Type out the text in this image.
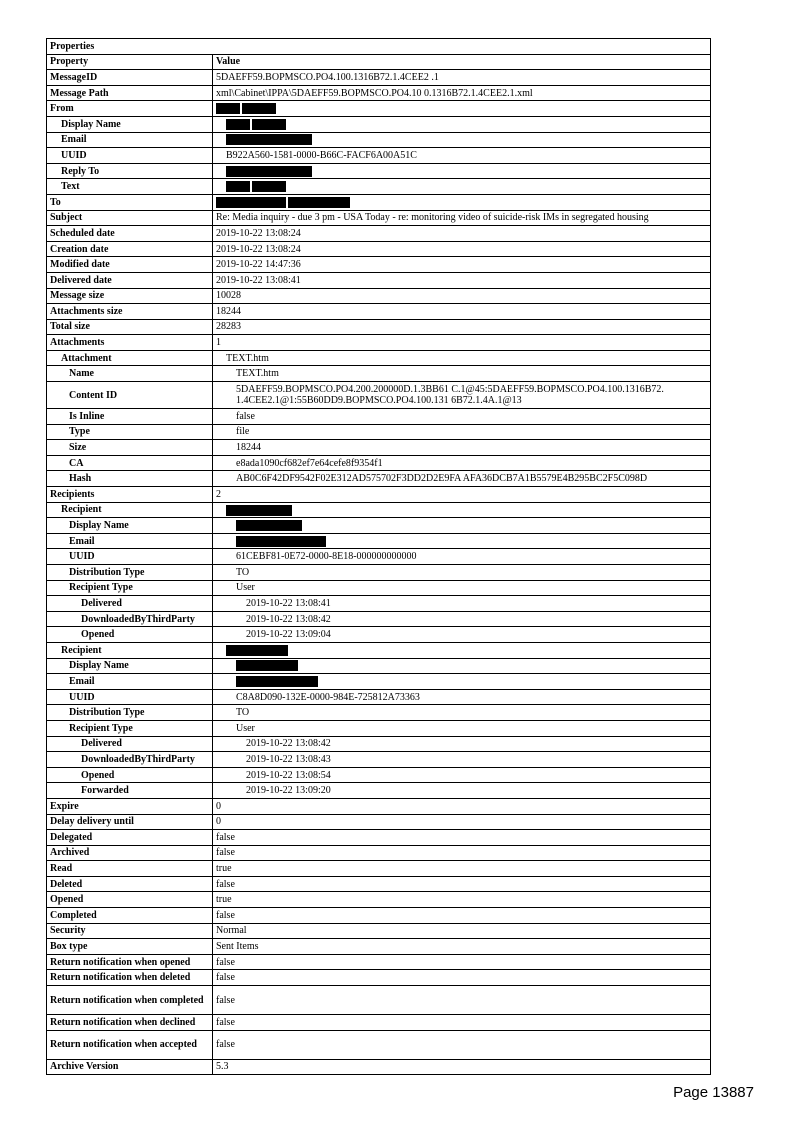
Properties	
Property	Value
MessageID	5DAEFF59.BOPMSCO.PO4.100.1316B72.1.4CEE2 .1
Message Path	xml\Cabinet\IPPA\5DAEFF59.BOPMSCO.PO4.10 0.1316B72.1.4CEE2.1.xml
From	
Display Name	
Email	
UUID	B922A560-1581-0000-B66C-FACF6A00A51C
Reply To	
Text	
To	
Subject	Re: Media inquiry - due 3 pm - USA Today - re: monitoring video of suicide-risk IMs in segregated housing
Scheduled date	2019-10-22 13:08:24
Creation date	2019-10-22 13:08:24
Modified date	2019-10-22 14:47:36
Delivered date	2019-10-22 13:08:41
Message size	10028
Attachments size	18244
Total size	28283
Attachments	1
Attachment	TEXT.htm
Name	TEXT.htm
Content ID	5DAEFF59.BOPMSCO.PO4.200.200000D.1.3BB61 C.1@45:5DAEFF59.BOPMSCO.PO4.100.1316B72. 1.4CEE2.1@1:55B60DD9.BOPMSCO.PO4.100.131 6B72.1.4A.1@13
Is Inline	false
Type	file
Size	18244
CA	e8ada1090cf682ef7e64cefe8f9354f1
Hash	AB0C6F42DF9542F02E312AD575702F3DD2D2E9FA AFA36DCB7A1B5579E4B295BC2F5C098D
Recipients	2
Recipient	
Display Name	
Email	
UUID	61CEBF81-0E72-0000-8E18-000000000000
Distribution Type	TO
Recipient Type	User
Delivered	2019-10-22 13:08:41
DownloadedByThirdParty	2019-10-22 13:08:42
Opened	2019-10-22 13:09:04
Recipient	
Display Name	
Email	
UUID	C8A8D090-132E-0000-984E-725812A73363
Distribution Type	TO
Recipient Type	User
Delivered	2019-10-22 13:08:42
DownloadedByThirdParty	2019-10-22 13:08:43
Opened	2019-10-22 13:08:54
Forwarded	2019-10-22 13:09:20
Expire	0
Delay delivery until	0
Delegated	false
Archived	false
Read	true
Deleted	false
Opened	true
Completed	false
Security	Normal
Box type	Sent Items
Return notification when opened	false
Return notification when deleted	false
Return notification when completed	false
Return notification when declined	false
Return notification when accepted	false
Archive Version	5.3
Page 13887
